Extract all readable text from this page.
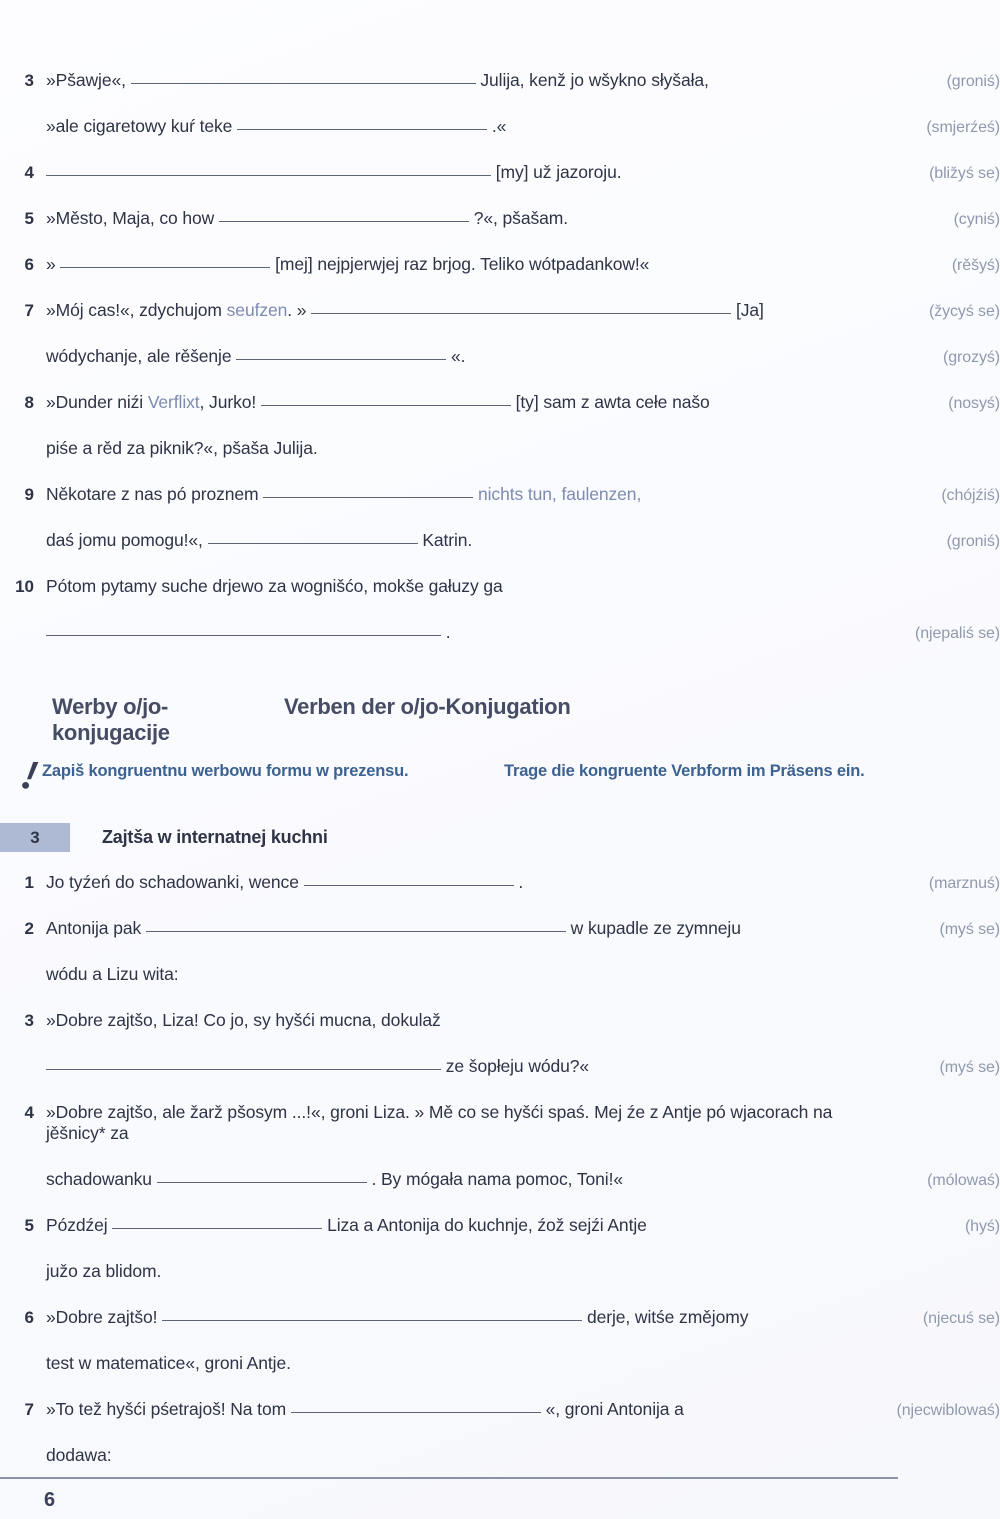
3 »Pšawje«,	Julija, kenž jo wšykno słyšała,	(groniś)
»ale cigaretowy kuŕ teke	.«	(smjerźeś)
4	[my] už jazoroju.	(bližyś se)
5 »Město, Maja, co how	?«, pšašam.	(cyniś)
6 »	[mej] nejpjerwjej raz brjog. Teliko wótpadankow!«	(rěšyś)
7 »Mój cas!«, zdychujom seufzen. »	[Ja]	(žycyś se)
wódychanje, ale rěšenje	«.	(grozyś)
8 »Dunder niźi Verflixt, Jurko!	[ty] sam z awta cełe našo	(nosyś)
piśe a rěd za piknik?«, pšaša Julija.
9 Někotare z nas pó proznem	nichts tun, faulenzen,	(chójźiś)
daś jomu pomogu!«,	Katrin.	(groniś)
10 Pótom pytamy suche drjewo za wognišćo, mokše gałuzy ga
.	(njepaliś se)
Werby o/jo-konjugacije
Verben der o/jo-Konjugation
Zapiš kongruentnu werbowu formu w prezensu.	Trage die kongruente Verbform im Präsens ein.
3	Zajtša w internatnej kuchni
1 Jo tyźeń do schadowanki, wence	.	(marznuś)
2 Antonija pak	w kupadle ze zymneju	(myś se)
wódu a Lizu wita:
3 »Dobre zajtšo, Liza! Co jo, sy hyšći mucna, dokulaž
ze šopłeju wódu?«	(myś se)
4 »Dobre zajtšo, ale žarž pšosym ...!«, groni Liza. » Mě co se hyšći spaś. Mej źe z Antje pó wjacorach na jěšnicy* za
schadowanku	. By mógała nama pomoc, Toni!«	(mólowaś)
5 Pózdźej	Liza a Antonija do kuchnje, źož sejźi Antje	(hyś)
južo za blidom.
6 »Dobre zajtšo!	derje, witśe změjomy	(njecuś se)
test w matematice«, groni Antje.
7 »To tež hyšći pśetrajoš! Na tom	«, groni Antonija a	(njecwiblowaś)
dodawa:
6
